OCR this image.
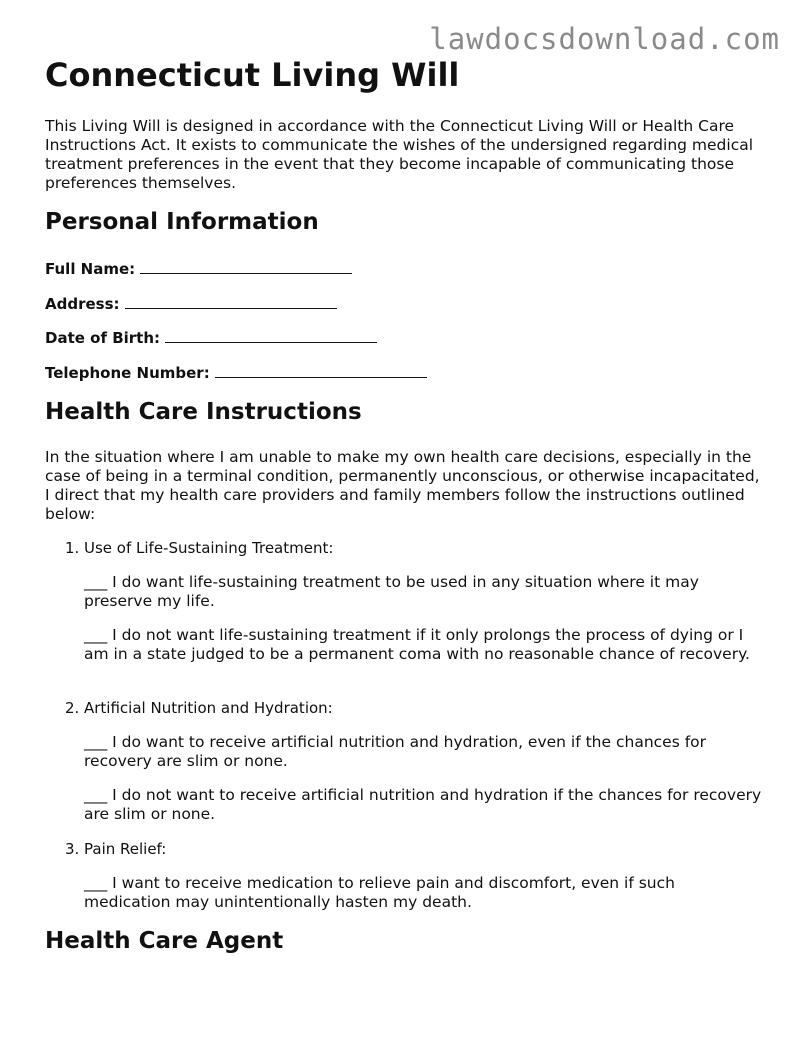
lawdocsdownload.com
Connecticut Living Will

This Living Will is designed in accordance with the Connecticut Living Will or Health Care Instructions Act. It exists to communicate the wishes of the undersigned regarding medical treatment preferences in the event that they become incapable of communicating those preferences themselves.

Personal Information
Full Name:
Address:
Date of Birth:
Telephone Number:
Health Care Instructions

In the situation where I am unable to make my own health care decisions, especially in the case of being in a terminal condition, permanently unconscious, or otherwise incapacitated, I direct that my health care providers and family members follow the instructions outlined below:

1. Use of Life-Sustaining Treatment:

___ I do want life-sustaining treatment to be used in any situation where it may preserve my life.

___ I do not want life-sustaining treatment if it only prolongs the process of dying or I am in a state judged to be a permanent coma with no reasonable chance of recovery.

2. Artificial Nutrition and Hydration:

___ I do want to receive artificial nutrition and hydration, even if the chances for recovery are slim or none.

___ I do not want to receive artificial nutrition and hydration if the chances for recovery are slim or none.

3. Pain Relief:

___ I want to receive medication to relieve pain and discomfort, even if such medication may unintentionally hasten my death.

Health Care Agent
